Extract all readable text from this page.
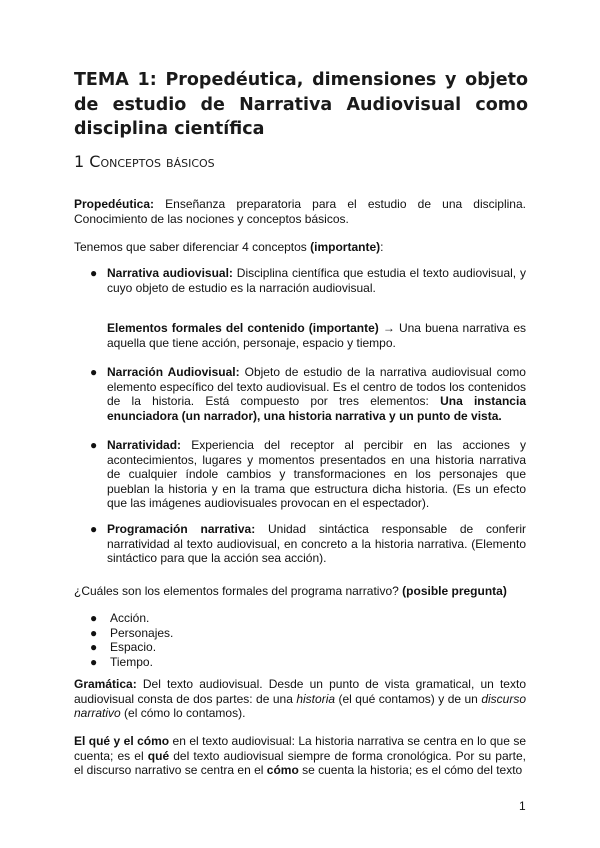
TEMA 1: Propedéutica, dimensiones y objeto de estudio de Narrativa Audiovisual como disciplina científica
1 Conceptos básicos
Propedéutica: Enseñanza preparatoria para el estudio de una disciplina. Conocimiento de las nociones y conceptos básicos.
Tenemos que saber diferenciar 4 conceptos (importante):
● Narrativa audiovisual: Disciplina científica que estudia el texto audiovisual, y cuyo objeto de estudio es la narración audiovisual.
Elementos formales del contenido (importante) → Una buena narrativa es aquella que tiene acción, personaje, espacio y tiempo.
● Narración Audiovisual: Objeto de estudio de la narrativa audiovisual como elemento específico del texto audiovisual. Es el centro de todos los contenidos de la historia. Está compuesto por tres elementos: Una instancia enunciadora (un narrador), una historia narrativa y un punto de vista.
● Narratividad: Experiencia del receptor al percibir en las acciones y acontecimientos, lugares y momentos presentados en una historia narrativa de cualquier índole cambios y transformaciones en los personajes que pueblan la historia y en la trama que estructura dicha historia. (Es un efecto que las imágenes audiovisuales provocan en el espectador).
● Programación narrativa: Unidad sintáctica responsable de conferir narratividad al texto audiovisual, en concreto a la historia narrativa. (Elemento sintáctico para que la acción sea acción).
¿Cuáles son los elementos formales del programa narrativo? (posible pregunta)
● Acción.
● Personajes.
● Espacio.
● Tiempo.
Gramática: Del texto audiovisual. Desde un punto de vista gramatical, un texto audiovisual consta de dos partes: de una historia (el qué contamos) y de un discurso narrativo (el cómo lo contamos).
El qué y el cómo en el texto audiovisual: La historia narrativa se centra en lo que se cuenta; es el qué del texto audiovisual siempre de forma cronológica. Por su parte, el discurso narrativo se centra en el cómo se cuenta la historia; es el cómo del texto
1
